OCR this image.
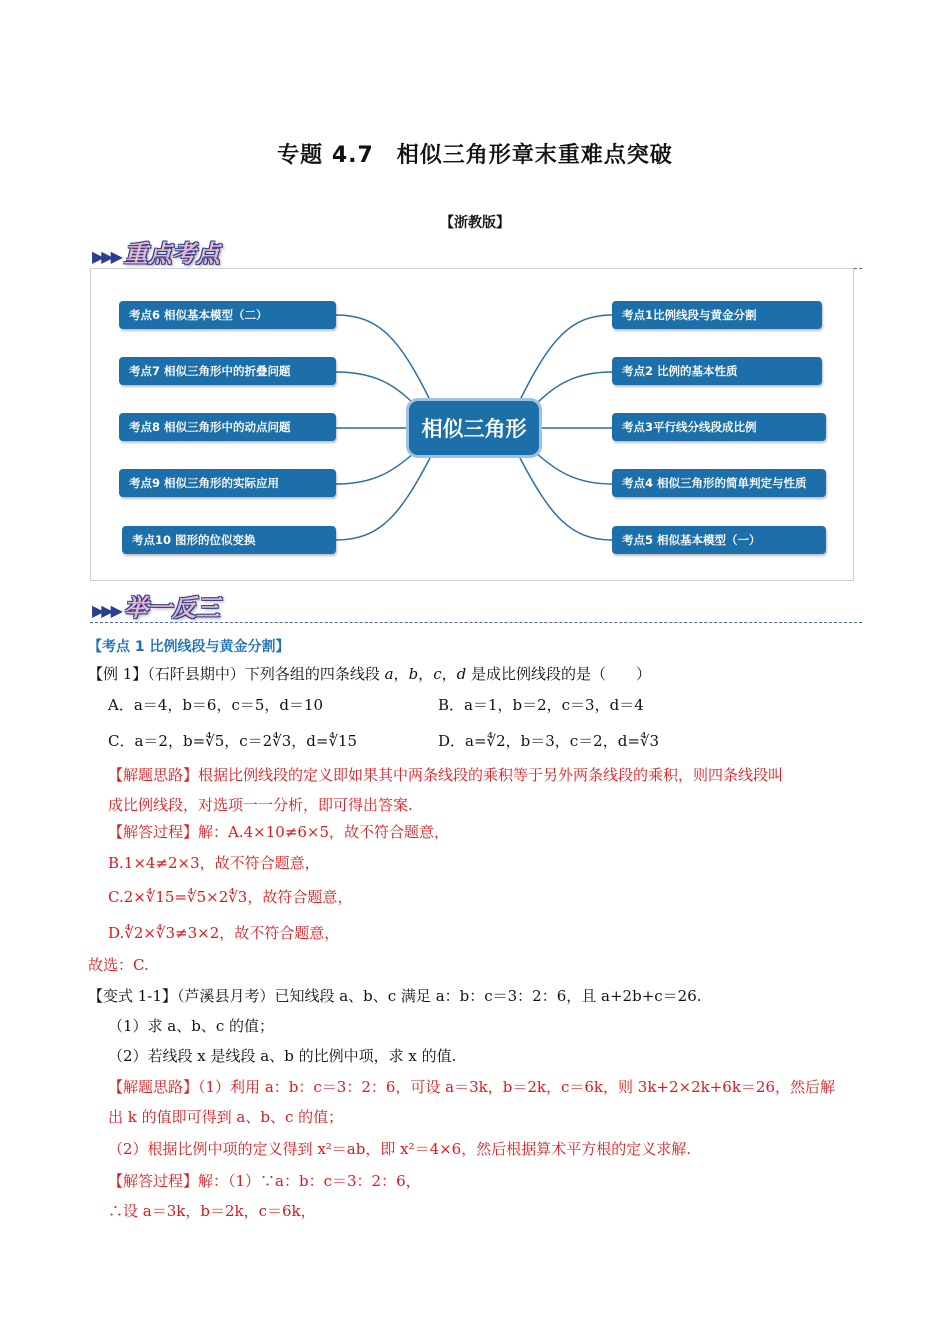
专题 4.7　相似三角形章末重难点突破
【浙教版】
▶▶▶ 重点考点
考点6 相似基本模型（二）
考点7 相似三角形中的折叠问题
考点8 相似三角形中的动点问题
考点9 相似三角形的实际应用
考点10 图形的位似变换
考点1比例线段与黄金分割
考点2 比例的基本性质
考点3平行线分线段成比例
考点4 相似三角形的简单判定与性质
考点5 相似基本模型（一）
相似三角形
▶▶▶ 举一反三
【考点 1 比例线段与黄金分割】
【例 1】（石阡县期中）下列各组的四条线段 a，b，c，d 是成比例线段的是（　　）
A．a＝4，b＝6，c＝5，d＝10	B．a＝1，b＝2，c＝3，d＝4
C．a＝2，b=∜5，c＝2∜3，d=∜15	D．a=∜2，b＝3，c＝2，d=∜3
【解题思路】根据比例线段的定义即如果其中两条线段的乘积等于另外两条线段的乘积，则四条线段叫
成比例线段，对选项一一分析，即可得出答案.
【解答过程】解：A.4×10≠6×5，故不符合题意，
B.1×4≠2×3，故不符合题意，
C.2×∜15=∜5×2∜3，故符合题意，
D.∜2×∜3≠3×2，故不符合题意，
故选：C.
【变式 1-1】（芦溪县月考）已知线段 a、b、c 满足 a：b：c＝3：2：6，且 a+2b+c＝26.
（1）求 a、b、c 的值；
（2）若线段 x 是线段 a、b 的比例中项，求 x 的值.
【解题思路】（1）利用 a：b：c＝3：2：6，可设 a＝3k，b＝2k，c＝6k，则 3k+2×2k+6k＝26，然后解
出 k 的值即可得到 a、b、c 的值；
（2）根据比例中项的定义得到 x²＝ab，即 x²＝4×6，然后根据算术平方根的定义求解.
【解答过程】解：（1）∵a：b：c＝3：2：6，
∴设 a＝3k，b＝2k，c＝6k，
